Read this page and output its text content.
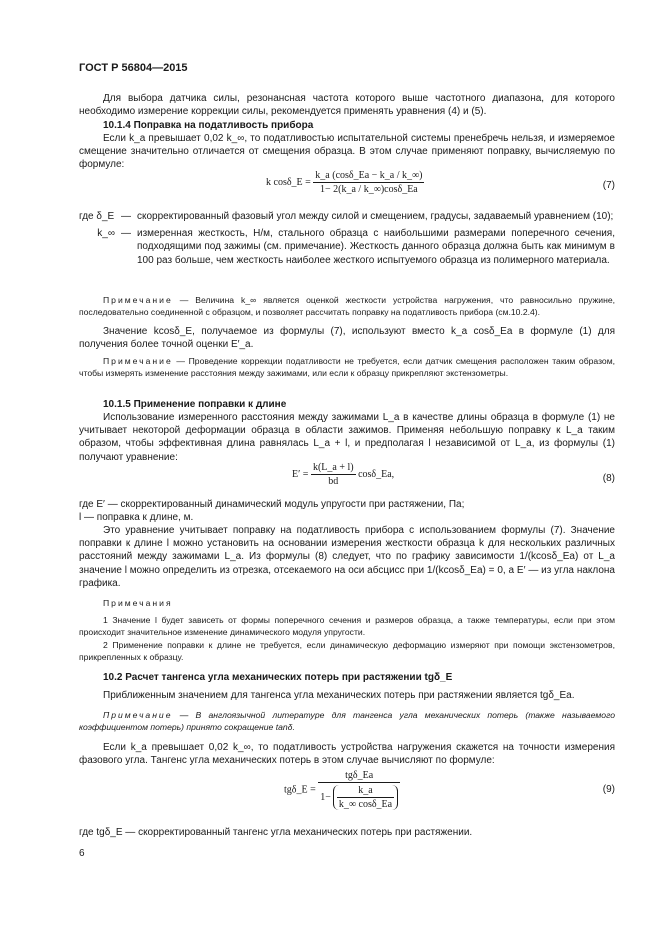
ГОСТ Р 56804—2015
Для выбора датчика силы, резонансная частота которого выше частотного диапазона, для которого необходимо измерение коррекции силы, рекомендуется применять уравнения (4) и (5).
10.1.4 Поправка на податливость прибора
Если k_a превышает 0,02 k_∞, то податливостью испытательной системы пренебречь нельзя, и измеряемое смещение значительно отличается от смещения образца. В этом случае применяют поправку, вычисляемую по формуле:
k cosδ_E = $\frac{k\_a (\cos\delta\_Ea - k\_a / k\_\infty)}{1- 2(k\_a / k\_\infty)\cos\delta\_Ea}$	(7)
где δ_E — скорректированный фазовый угол между силой и смещением, градусы, задаваемый уравнением (10);
k_∞ — измеренная жесткость, Н/м, стального образца с наибольшими размерами поперечного сечения, подходящими под зажимы (см. примечание). Жесткость данного образца должна быть как минимум в 100 раз больше, чем жесткость наиболее жесткого испытуемого образца из полимерного материала.
Примечание — Величина k_∞ является оценкой жесткости устройства нагружения, что равносильно пружине, последовательно соединенной с образцом, и позволяет рассчитать поправку на податливость прибора (см.10.2.4).
Значение kcosδ_E, получаемое из формулы (7), используют вместо k_a cosδ_Ea в формуле (1) для получения более точной оценки E′_a.
Примечание — Проведение коррекции податливости не требуется, если датчик смещения расположен таким образом, чтобы измерять изменение расстояния между зажимами, или если к образцу прикрепляют экстензометры.
10.1.5 Применение поправки к длине
Использование измеренного расстояния между зажимами L_a в качестве длины образца в формуле (1) не учитывает некоторой деформации образца в области зажимов. Применяя небольшую поправку к L_a таким образом, чтобы эффективная длина равнялась L_a + l, и предполагая l независимой от L_a, из формулы (1) получают уравнение:
$E' = \frac{k(L\_a + l)}{bd}$ cosδ_Ea,	(8)
где E′ — скорректированный динамический модуль упругости при растяжении, Па;
l — поправка к длине, м.
Это уравнение учитывает поправку на податливость прибора с использованием формулы (7). Значение поправки к длине l можно установить на основании измерения жесткости образца k для нескольких различных расстояний между зажимами L_a. Из формулы (8) следует, что по графику зависимости 1/(kcosδ_Ea) от L_a значение l можно определить из отрезка, отсекаемого на оси абсцисс при 1/(kcosδ_Ea) = 0, а E′ — из угла наклона графика.
Примечания
1 Значение l будет зависеть от формы поперечного сечения и размеров образца, а также температуры, если при этом происходит значительное изменение динамического модуля упругости.
2 Применение поправки к длине не требуется, если динамическую деформацию измеряют при помощи экстензометров, прикрепленных к образцу.
10.2 Расчет тангенса угла механических потерь при растяжении tgδ_E
Приближенным значением для тангенса угла механических потерь при растяжении является tgδ_Ea.
Примечание — В англоязычной литературе для тангенса угла механических потерь (также называемого коэффициентом потерь) принято сокращение tanδ.
Если k_a превышает 0,02 k_∞, то податливость устройства нагружения скажется на точности измерения фазового угла. Тангенс угла механических потерь в этом случае вычисляют по формуле:
tgδ_E =
tgδ_Ea
$1- \frac{k\_a}{k\_\infty \cos\delta\_Ea}$	(9)
где tgδ_E — скорректированный тангенс угла механических потерь при растяжении.
6
